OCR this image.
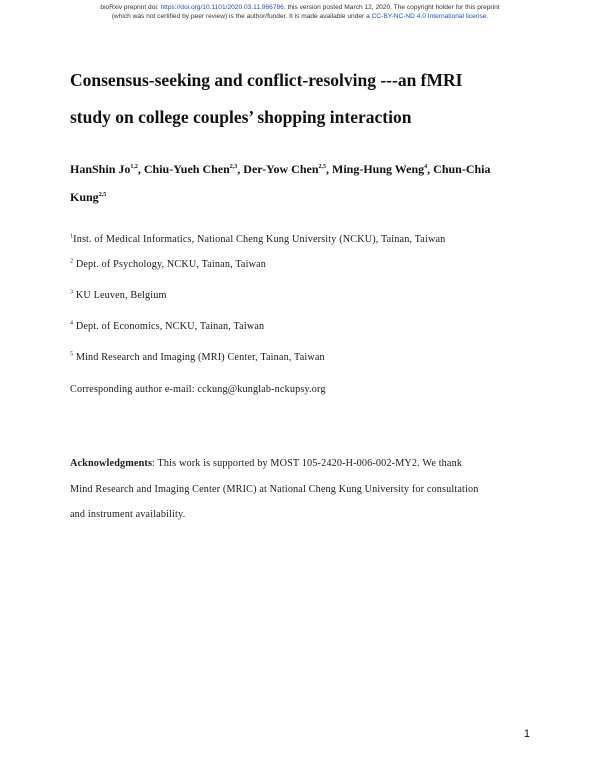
bioRxiv preprint doi: https://doi.org/10.1101/2020.03.11.986786. this version posted March 12, 2020. The copyright holder for this preprint
(which was not certified by peer review) is the author/funder. It is made available under a CC-BY-NC-ND 4.0 International license.
Consensus-seeking and conflict-resolving ---an fMRI
study on college couples’ shopping interaction
HanShin Jo$^{1,2}$, Chiu-Yueh Chen$^{2,3}$, Der-Yow Chen$^{2,5}$, Ming-Hung Weng$^4$, Chun-Chia
Kung$^{2,5}$
$^1$Inst. of Medical Informatics, National Cheng Kung University (NCKU), Tainan, Taiwan
$^2$ Dept. of Psychology, NCKU, Tainan, Taiwan
$^3$ KU Leuven, Belgium
$^4$ Dept. of Economics, NCKU, Tainan, Taiwan
$^5$ Mind Research and Imaging (MRI) Center, Tainan, Taiwan
Corresponding author e-mail: cckung@kunglab-nckupsy.org
Acknowledgments: This work is supported by MOST 105-2420-H-006-002-MY2. We thank
Mind Research and Imaging Center (MRIC) at National Cheng Kung University for consultation
and instrument availability.
1
